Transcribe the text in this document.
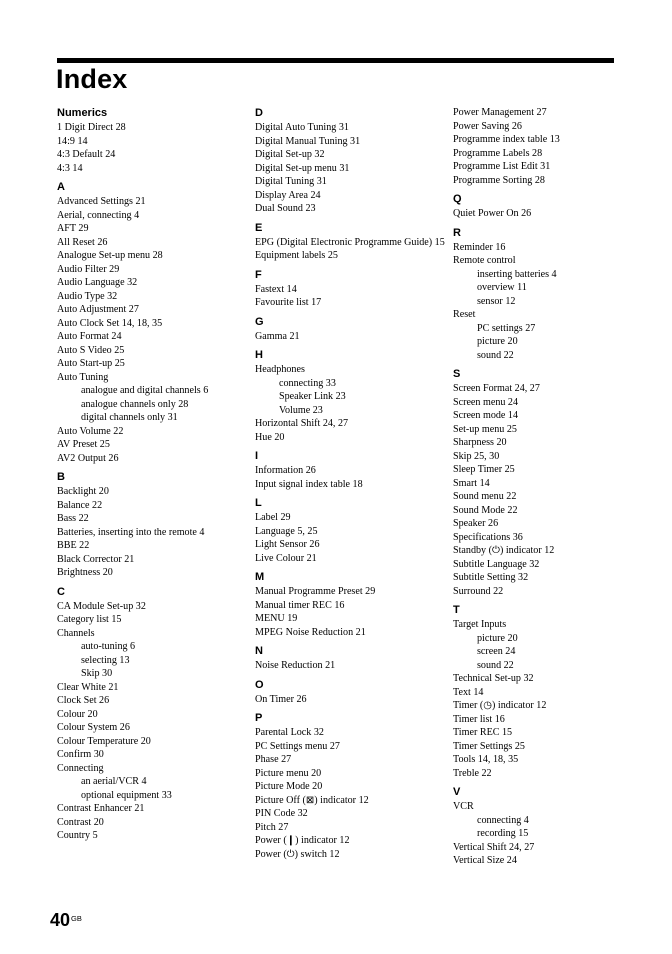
Index
Numerics
1 Digit Direct 28
14:9 14
4:3 Default 24
4:3 14
A
Advanced Settings 21
Aerial, connecting 4
AFT 29
All Reset 26
Analogue Set-up menu 28
Audio Filter 29
Audio Language 32
Audio Type 32
Auto Adjustment 27
Auto Clock Set 14, 18, 35
Auto Format 24
Auto S Video 25
Auto Start-up 25
Auto Tuning
analogue and digital channels 6
analogue channels only 28
digital channels only 31
Auto Volume 22
AV Preset 25
AV2 Output 26
B
Backlight 20
Balance 22
Bass 22
Batteries, inserting into the remote 4
BBE 22
Black Corrector 21
Brightness 20
C
CA Module Set-up 32
Category list 15
Channels
auto-tuning 6
selecting 13
Skip 30
Clear White 21
Clock Set 26
Colour 20
Colour System 26
Colour Temperature 20
Confirm 30
Connecting
an aerial/VCR 4
optional equipment 33
Contrast Enhancer 21
Contrast 20
Country 5
D
Digital Auto Tuning 31
Digital Manual Tuning 31
Digital Set-up 32
Digital Set-up menu 31
Digital Tuning 31
Display Area 24
Dual Sound 23
E
EPG (Digital Electronic Programme Guide) 15
Equipment labels 25
F
Fastext 14
Favourite list 17
G
Gamma 21
H
Headphones
connecting 33
Speaker Link 23
Volume 23
Horizontal Shift 24, 27
Hue 20
I
Information 26
Input signal index table 18
L
Label 29
Language 5, 25
Light Sensor 26
Live Colour 21
M
Manual Programme Preset 29
Manual timer REC 16
MENU 19
MPEG Noise Reduction 21
N
Noise Reduction 21
O
On Timer 26
P
Parental Lock 32
PC Settings menu 27
Phase 27
Picture menu 20
Picture Mode 20
Picture Off (⊠) indicator 12
PIN Code 32
Pitch 27
Power (❙) indicator 12
Power (⏻) switch 12
Power Management 27
Power Saving 26
Programme index table 13
Programme Labels 28
Programme List Edit 31
Programme Sorting 28
Q
Quiet Power On 26
R
Reminder 16
Remote control
inserting batteries 4
overview 11
sensor 12
Reset
PC settings 27
picture 20
sound 22
S
Screen Format 24, 27
Screen menu 24
Screen mode 14
Set-up menu 25
Sharpness 20
Skip 25, 30
Sleep Timer 25
Smart 14
Sound menu 22
Sound Mode 22
Speaker 26
Specifications 36
Standby (⏻) indicator 12
Subtitle Language 32
Subtitle Setting 32
Surround 22
T
Target Inputs
picture 20
screen 24
sound 22
Technical Set-up 32
Text 14
Timer (◷) indicator 12
Timer list 16
Timer REC 15
Timer Settings 25
Tools 14, 18, 35
Treble 22
V
VCR
connecting 4
recording 15
Vertical Shift 24, 27
Vertical Size 24
40 GB
